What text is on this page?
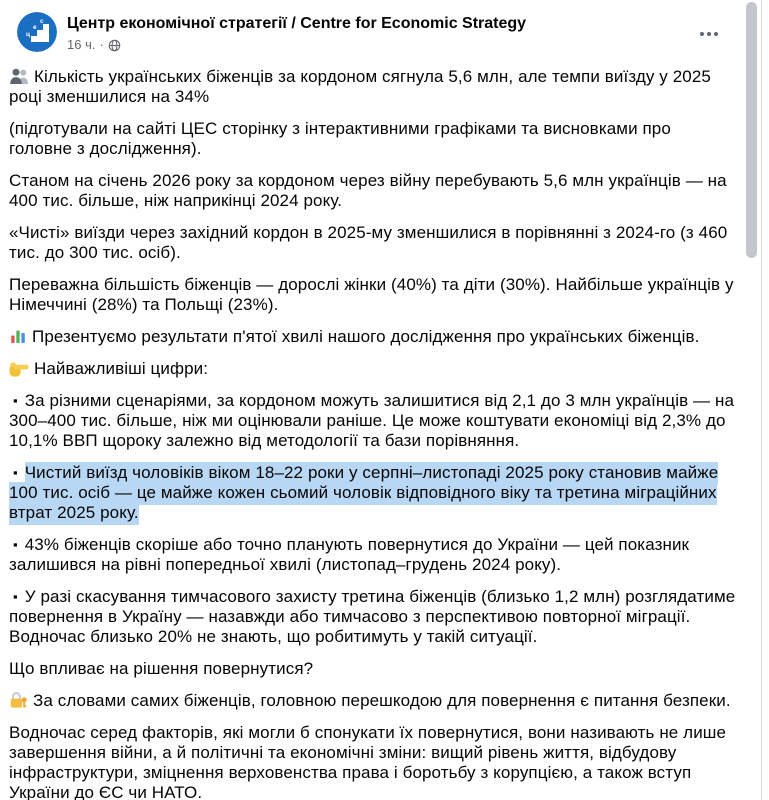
ц
е
с Центр економічної стратегії / Centre for Economic Strategy
16 ч. ·

Кількість українських біженців за кордоном сягнула 5,6 млн, але темпи виїзду у 2025 році зменшилися на 34%

(підготували на сайті ЦЕС сторінку з інтерактивними графіками та висновками про головне з дослідження).

Станом на січень 2026 року за кордоном через війну перебувають 5,6 млн українців — на 400 тис. більше, ніж наприкінці 2024 року.

«Чисті» виїзди через західний кордон в 2025-му зменшилися в порівнянні з 2024-го (з 460 тис. до 300 тис. осіб).

Переважна більшість біженців — дорослі жінки (40%) та діти (30%). Найбільше українців у Німеччині (28%) та Польщі (23%).

Презентуємо результати п'ятої хвилі нашого дослідження про українських біженців.

Найважливіші цифри:

▪ За різними сценаріями, за кордоном можуть залишитися від 2,1 до 3 млн українців — на 300–400 тис. більше, ніж ми оцінювали раніше. Це може коштувати економіці від 2,3% до 10,1% ВВП щороку залежно від методології та бази порівняння.

▪ Чистий виїзд чоловіків віком 18–22 роки у серпні–листопаді 2025 року становив майже 100 тис. осіб — це майже кожен сьомий чоловік відповідного віку та третина міграційних втрат 2025 року.

▪ 43% біженців скоріше або точно планують повернутися до України — цей показник залишився на рівні попередньої хвилі (листопад–грудень 2024 року).

▪ У разі скасування тимчасового захисту третина біженців (близько 1,2 млн) розглядатиме повернення в Україну — назавжди або тимчасово з перспективою повторної міграції. Водночас близько 20% не знають, що робитимуть у такій ситуації.

Що впливає на рішення повернутися?

За словами самих біженців, головною перешкодою для повернення є питання безпеки.

Водночас серед факторів, які могли б спонукати їх повернутися, вони називають не лише завершення війни, а й політичні та економічні зміни: вищий рівень життя, відбудову інфраструктури, зміцнення верховенства права і боротьбу з корупцією, а також вступ України до ЄС чи НАТО.
